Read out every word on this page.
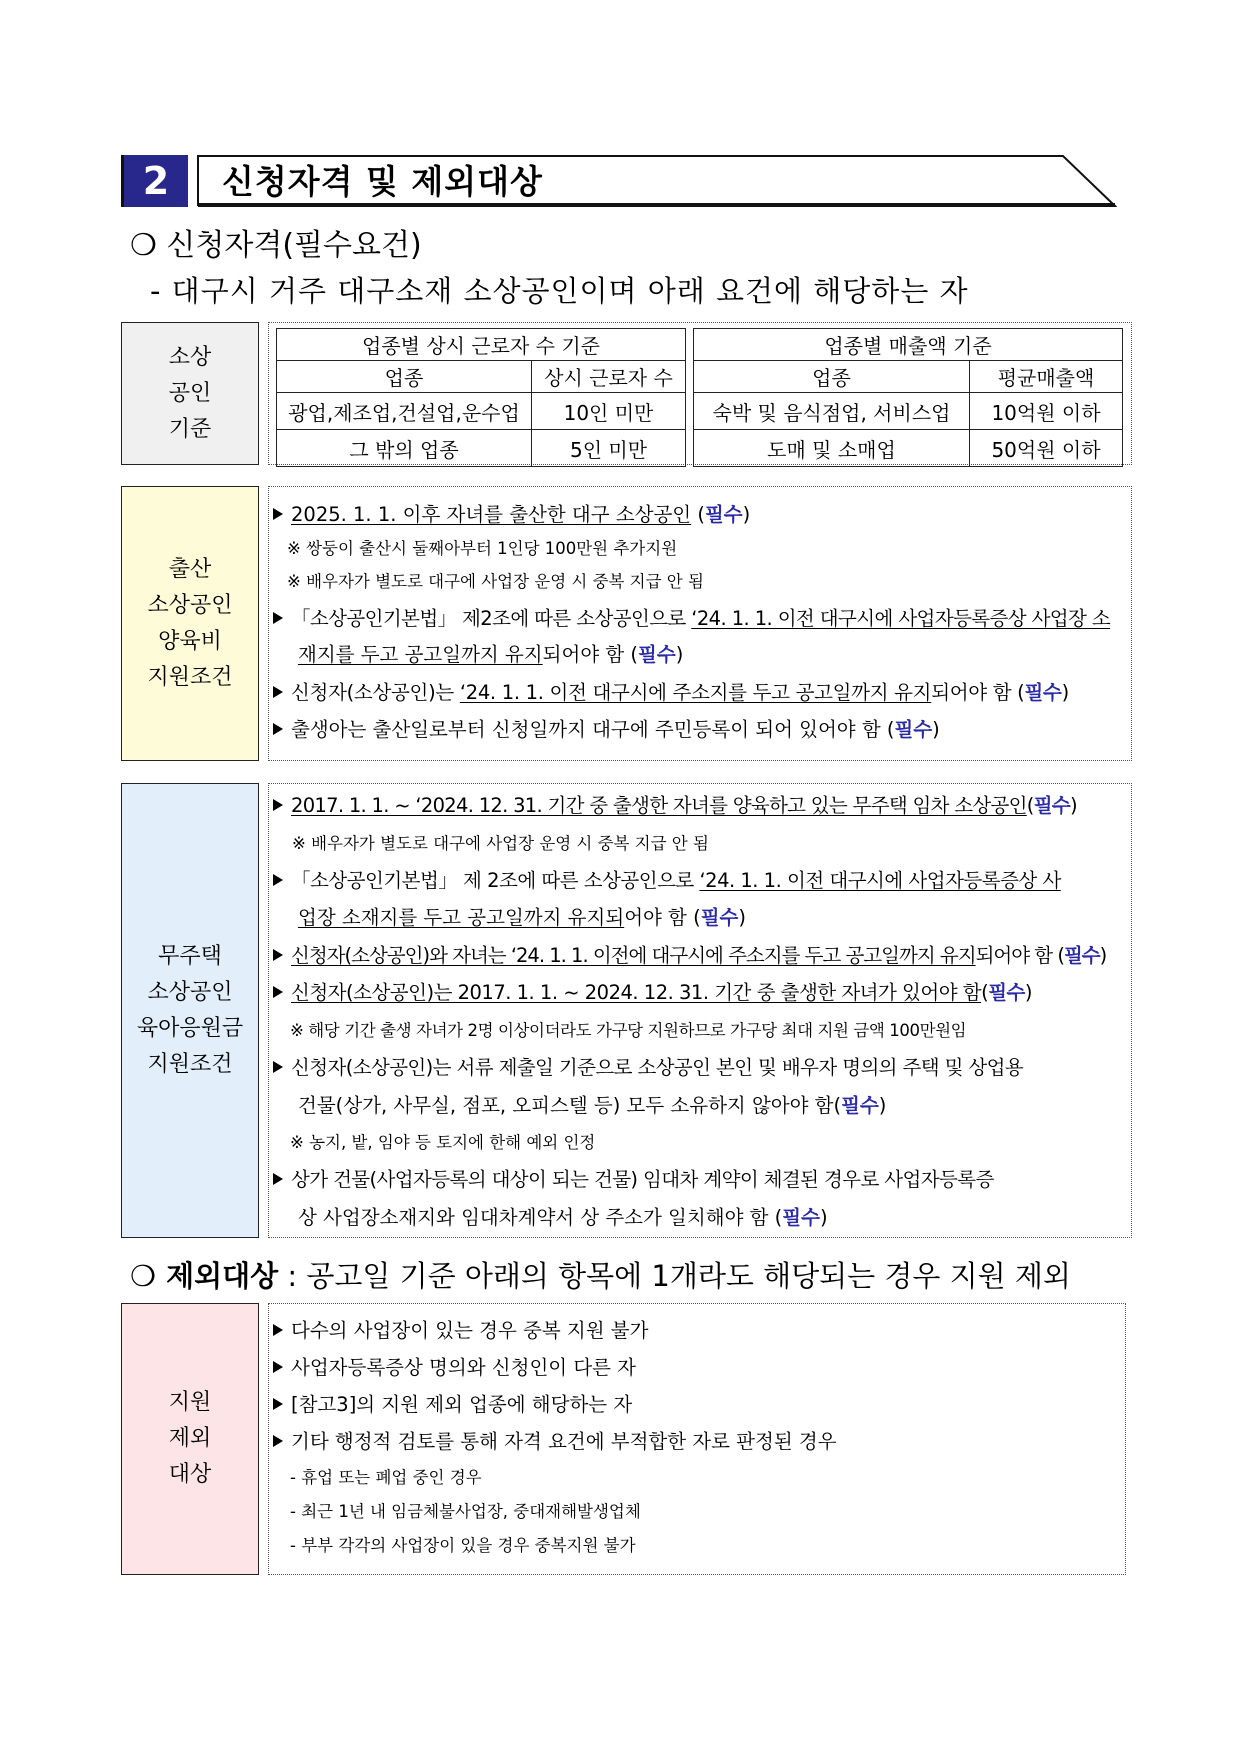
2	신청자격 및 제외대상
❍ 신청자격(필수요건)
- 대구시 거주 대구소재 소상공인이며 아래 요건에 해당하는 자
소상
공인
기준
업종별 상시 근로자 수 기준	
업종	상시 근로자 수
광업,제조업,건설업,운수업	10인 미만
그 밖의 업종	5인 미만
업종별 매출액 기준	
업종	평균매출액
숙박 및 음식점업, 서비스업	10억원 이하
도매 및 소매업	50억원 이하
출산
소상공인
양육비
지원조건
2025. 1. 1. 이후 자녀를 출산한 대구 소상공인 (필수)
※ 쌍둥이 출산시 둘째아부터 1인당 100만원 추가지원
※ 배우자가 별도로 대구에 사업장 운영 시 중복 지급 안 됨
「소상공인기본법」 제2조에 따른 소상공인으로 ‘24. 1. 1. 이전 대구시에 사업자등록증상 사업장 소
재지를 두고 공고일까지 유지되어야 함 (필수)
신청자(소상공인)는 ‘24. 1. 1. 이전 대구시에 주소지를 두고 공고일까지 유지되어야 함 (필수)
출생아는 출산일로부터 신청일까지 대구에 주민등록이 되어 있어야 함 (필수)
무주택
소상공인
육아응원금
지원조건
2017. 1. 1. ~ ‘2024. 12. 31. 기간 중 출생한 자녀를 양육하고 있는 무주택 임차 소상공인(필수)
※ 배우자가 별도로 대구에 사업장 운영 시 중복 지급 안 됨
「소상공인기본법」 제 2조에 따른 소상공인으로 ‘24. 1. 1. 이전 대구시에 사업자등록증상 사
업장 소재지를 두고 공고일까지 유지되어야 함 (필수)
신청자(소상공인)와 자녀는 ‘24. 1. 1. 이전에 대구시에 주소지를 두고 공고일까지 유지되어야 함 (필수)
신청자(소상공인)는 2017. 1. 1. ~ 2024. 12. 31. 기간 중 출생한 자녀가 있어야 함(필수)
※ 해당 기간 출생 자녀가 2명 이상이더라도 가구당 지원하므로 가구당 최대 지원 금액 100만원임
신청자(소상공인)는 서류 제출일 기준으로 소상공인 본인 및 배우자 명의의 주택 및 상업용
건물(상가, 사무실, 점포, 오피스텔 등) 모두 소유하지 않아야 함(필수)
※ 농지, 밭, 임야 등 토지에 한해 예외 인정
상가 건물(사업자등록의 대상이 되는 건물) 임대차 계약이 체결된 경우로 사업자등록증
상 사업장소재지와 임대차계약서 상 주소가 일치해야 함 (필수)
❍ 제외대상 : 공고일 기준 아래의 항목에 1개라도 해당되는 경우 지원 제외
지원
제외
대상
다수의 사업장이 있는 경우 중복 지원 불가
사업자등록증상 명의와 신청인이 다른 자
[참고3]의 지원 제외 업종에 해당하는 자
기타 행정적 검토를 통해 자격 요건에 부적합한 자로 판정된 경우
- 휴업 또는 폐업 중인 경우
- 최근 1년 내 임금체불사업장, 중대재해발생업체
- 부부 각각의 사업장이 있을 경우 중복지원 불가
